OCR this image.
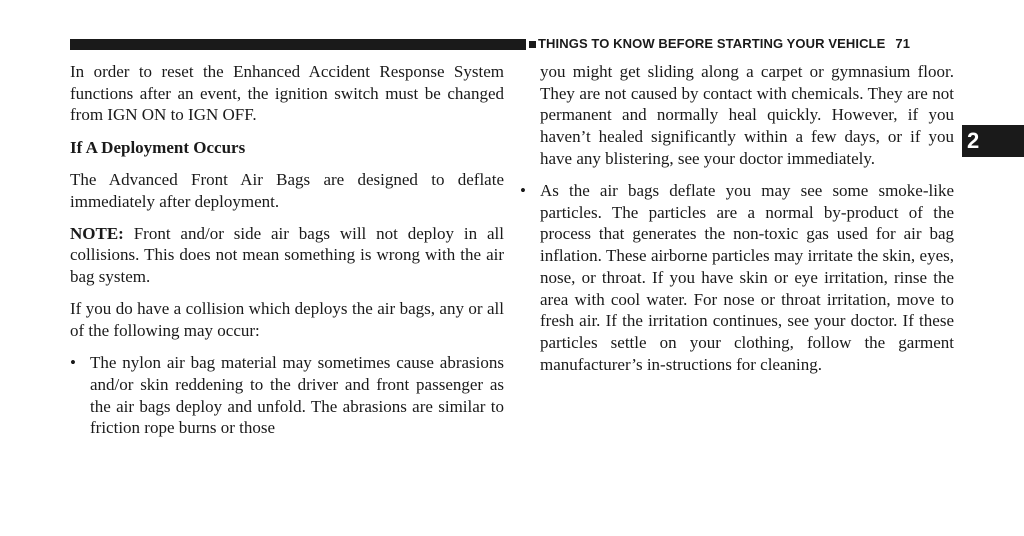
THINGS TO KNOW BEFORE STARTING YOUR VEHICLE 71

In order to reset the Enhanced Accident Response System functions after an event, the ignition switch must be changed from IGN ON to IGN OFF.

If A Deployment Occurs

The Advanced Front Air Bags are designed to deflate immediately after deployment.

NOTE: Front and/or side air bags will not deploy in all collisions. This does not mean something is wrong with the air bag system.

If you do have a collision which deploys the air bags, any or all of the following may occur:

• The nylon air bag material may sometimes cause abrasions and/or skin reddening to the driver and front passenger as the air bags deploy and unfold. The abrasions are similar to friction rope burns or those

you might get sliding along a carpet or gymnasium floor. They are not caused by contact with chemicals. They are not permanent and normally heal quickly. However, if you haven’t healed significantly within a few days, or if you have any blistering, see your doctor immediately.

• As the air bags deflate you may see some smoke-like particles. The particles are a normal by-product of the process that generates the non-toxic gas used for air bag inflation. These airborne particles may irritate the skin, eyes, nose, or throat. If you have skin or eye irritation, rinse the area with cool water. For nose or throat irritation, move to fresh air. If the irritation continues, see your doctor. If these particles settle on your clothing, follow the garment manufacturer’s in-structions for cleaning.
2
